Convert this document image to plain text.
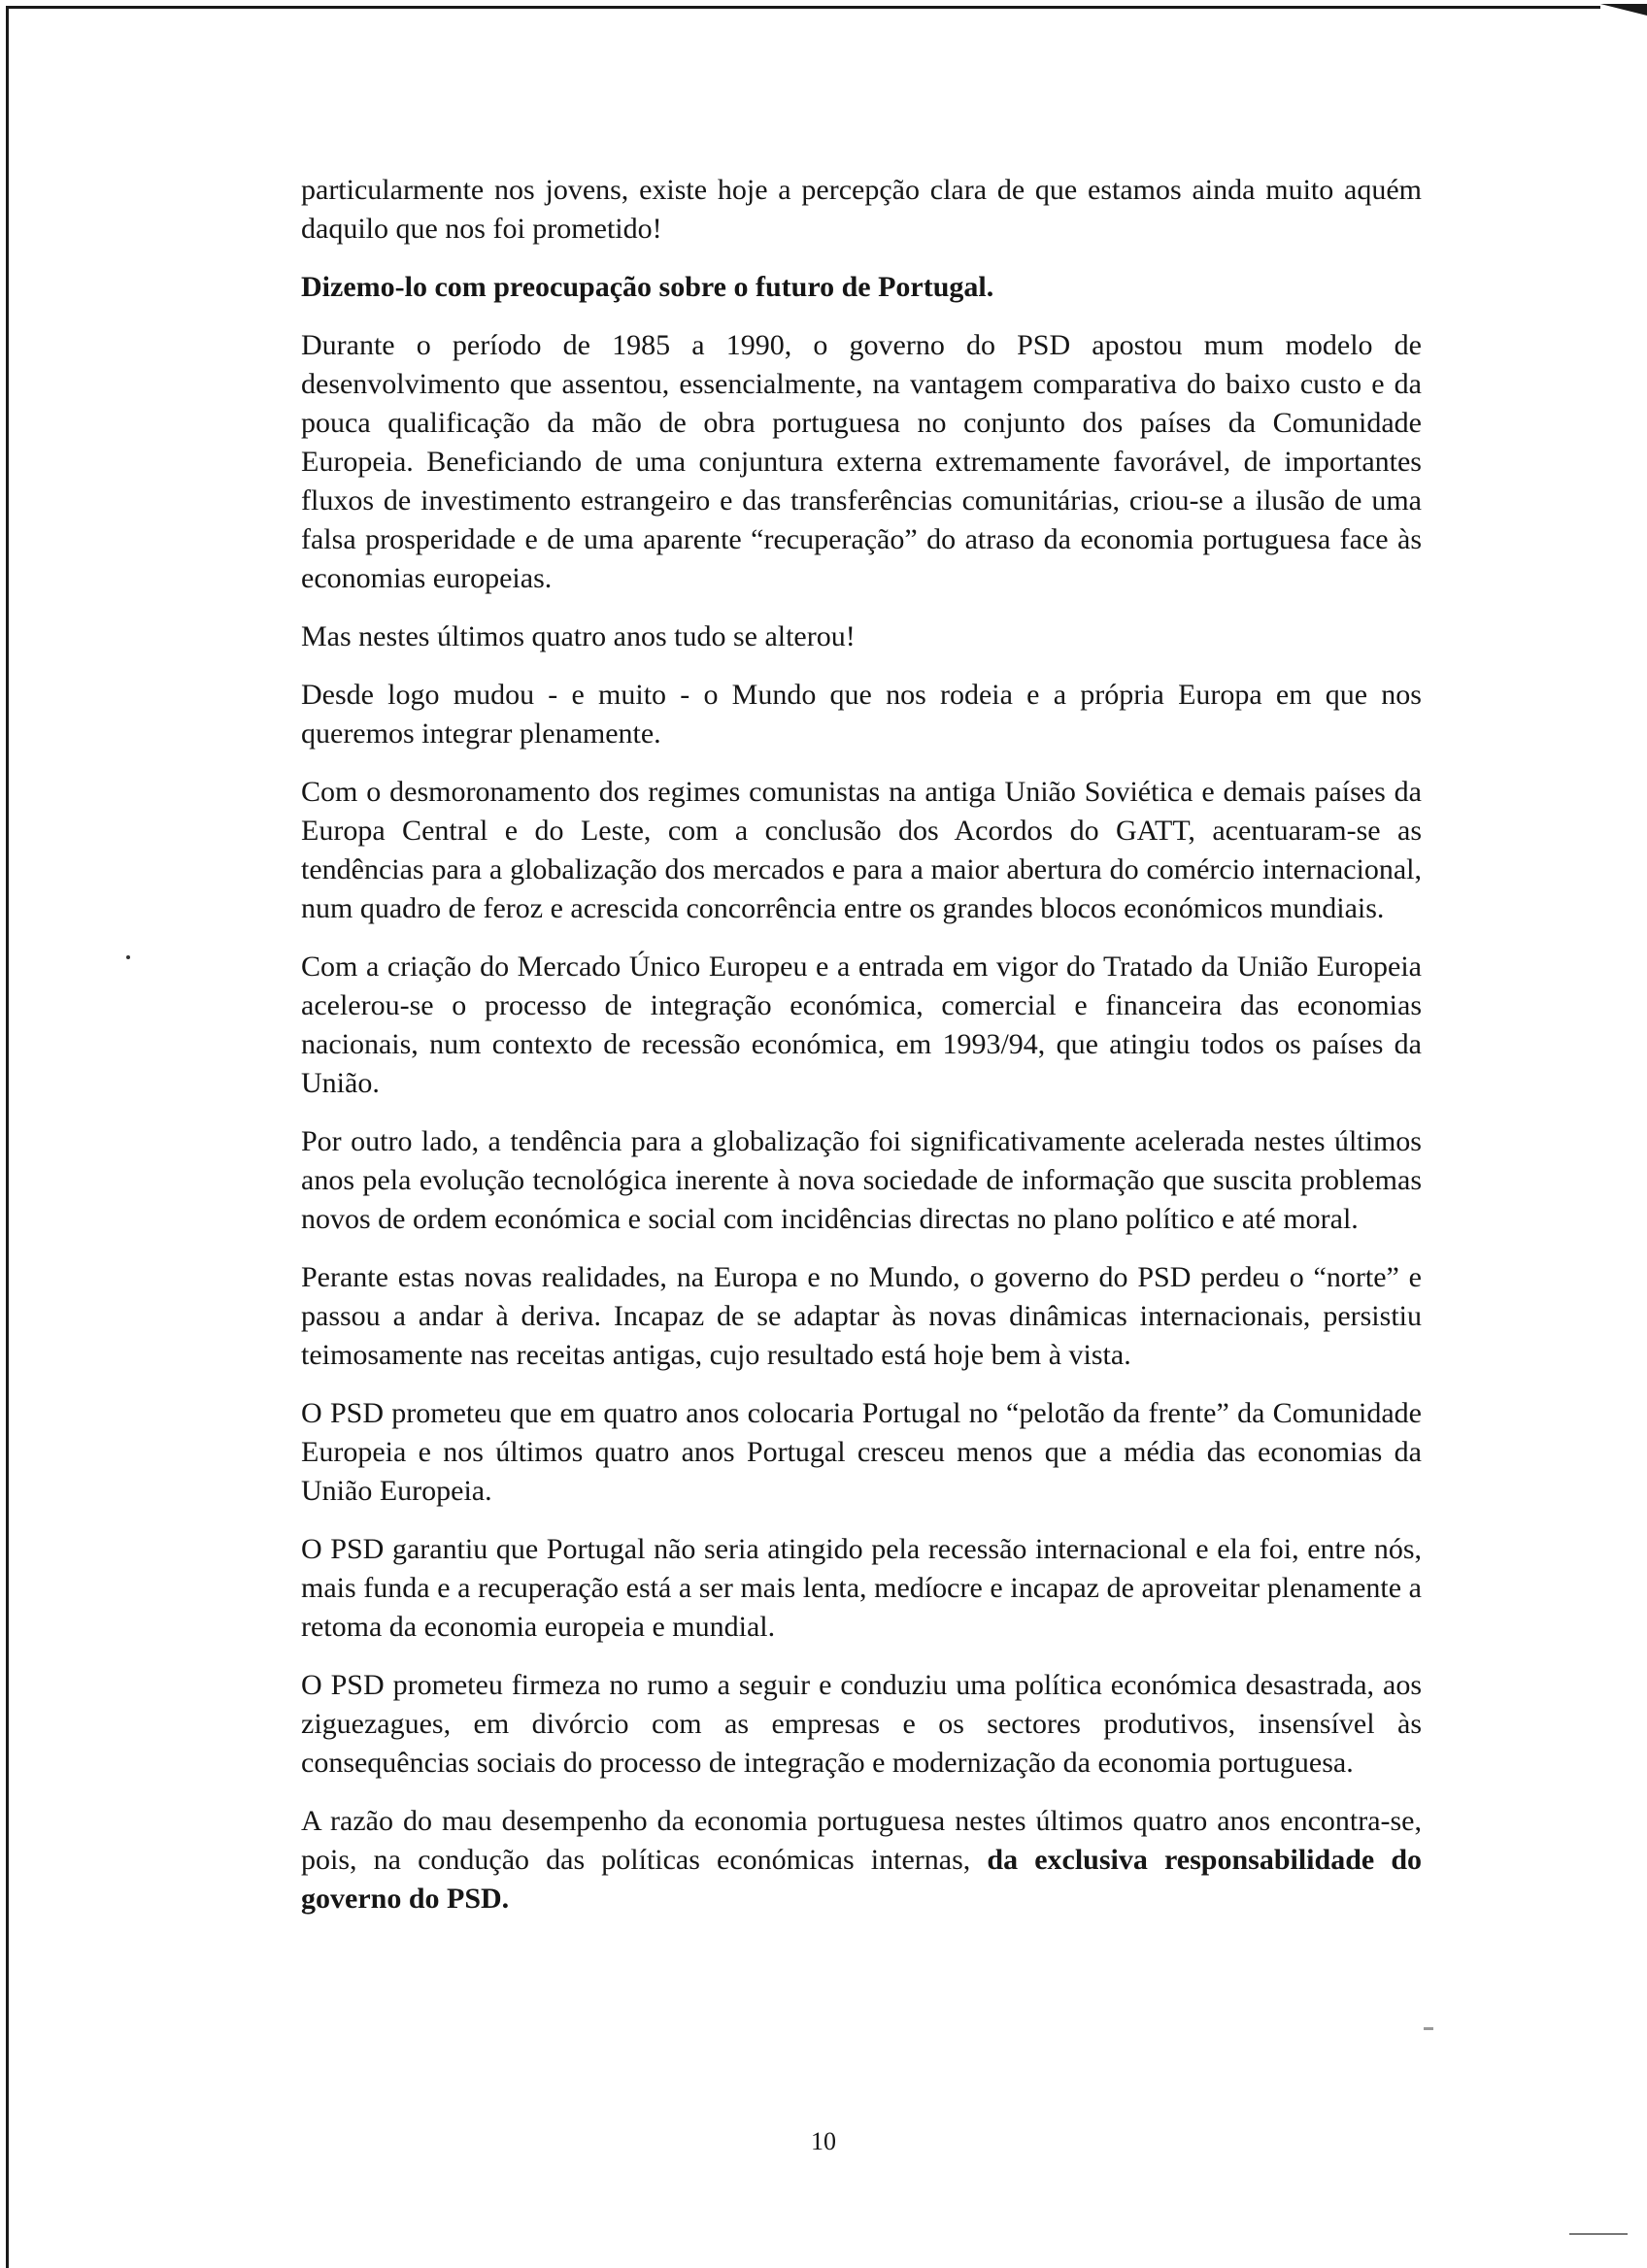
particularmente nos jovens, existe hoje a percepção clara de que estamos ainda muito aquém daquilo que nos foi prometido!

Dizemo-lo com preocupação sobre o futuro de Portugal.

Durante o período de 1985 a 1990, o governo do PSD apostou mum modelo de desenvolvimento que assentou, essencialmente, na vantagem comparativa do baixo custo e da pouca qualificação da mão de obra portuguesa no conjunto dos países da Comunidade Europeia. Beneficiando de uma conjuntura externa extremamente favorável, de importantes fluxos de investimento estrangeiro e das transferências comunitárias, criou-se a ilusão de uma falsa prosperidade e de uma aparente “recuperação” do atraso da economia portuguesa face às economias europeias.

Mas nestes últimos quatro anos tudo se alterou!

Desde logo mudou - e muito - o Mundo que nos rodeia e a própria Europa em que nos queremos integrar plenamente.

Com o desmoronamento dos regimes comunistas na antiga União Soviética e demais países da Europa Central e do Leste, com a conclusão dos Acordos do GATT, acentuaram-se as tendências para a globalização dos mercados e para a maior abertura do comércio internacional, num quadro de feroz e acrescida concorrência entre os grandes blocos económicos mundiais.

Com a criação do Mercado Único Europeu e a entrada em vigor do Tratado da União Europeia acelerou-se o processo de integração económica, comercial e financeira das economias nacionais, num contexto de recessão económica, em 1993/94, que atingiu todos os países da União.

Por outro lado, a tendência para a globalização foi significativamente acelerada nestes últimos anos pela evolução tecnológica inerente à nova sociedade de informação que suscita problemas novos de ordem económica e social com incidências directas no plano político e até moral.

Perante estas novas realidades, na Europa e no Mundo, o governo do PSD perdeu o “norte” e passou a andar à deriva. Incapaz de se adaptar às novas dinâmicas internacionais, persistiu teimosamente nas receitas antigas, cujo resultado está hoje bem à vista.

O PSD prometeu que em quatro anos colocaria Portugal no “pelotão da frente” da Comunidade Europeia e nos últimos quatro anos Portugal cresceu menos que a média das economias da União Europeia.

O PSD garantiu que Portugal não seria atingido pela recessão internacional e ela foi, entre nós, mais funda e a recuperação está a ser mais lenta, medíocre e incapaz de aproveitar plenamente a retoma da economia europeia e mundial.

O PSD prometeu firmeza no rumo a seguir e conduziu uma política económica desastrada, aos ziguezagues, em divórcio com as empresas e os sectores produtivos, insensível às consequências sociais do processo de integração e modernização da economia portuguesa.

A razão do mau desempenho da economia portuguesa nestes últimos quatro anos encontra-se, pois, na condução das políticas económicas internas, da exclusiva responsabilidade do governo do PSD.

10
